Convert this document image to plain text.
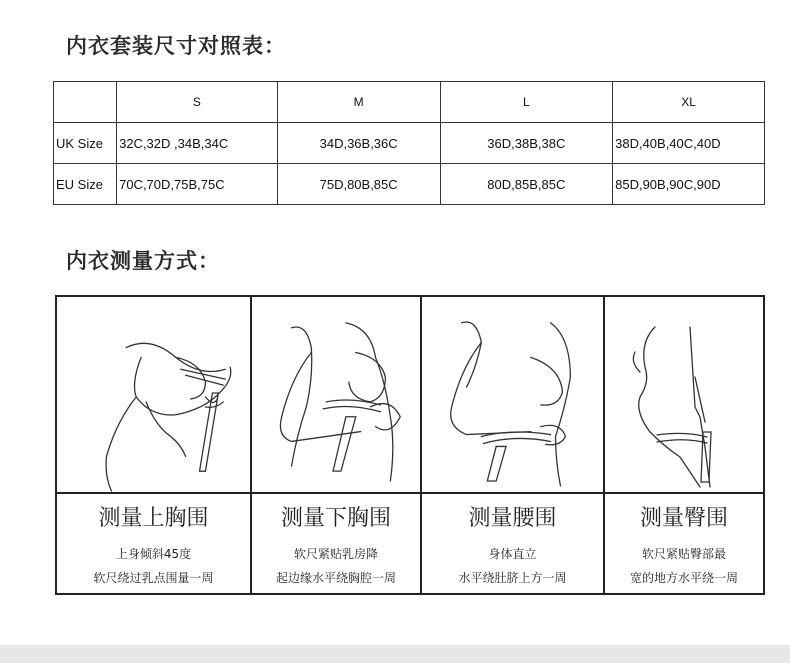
内衣套装尺寸对照表：
	S	M	L	XL
UK Size	32C,32D ,34B,34C	34D,36B,36C	36D,38B,38C	38D,40B,40C,40D
EU Size	70C,70D,75B,75C	75D,80B,85C	80D,85B,85C	85D,90B,90C,90D
内衣测量方式：
测量上胸围
上身倾斜45度
软尺绕过乳点围量一周
测量下胸围
软尺紧贴乳房降
起边缘水平绕胸腔一周
测量腰围
身体直立
水平绕肚脐上方一周
测量臀围
软尺紧贴臀部最
宽的地方水平绕一周
